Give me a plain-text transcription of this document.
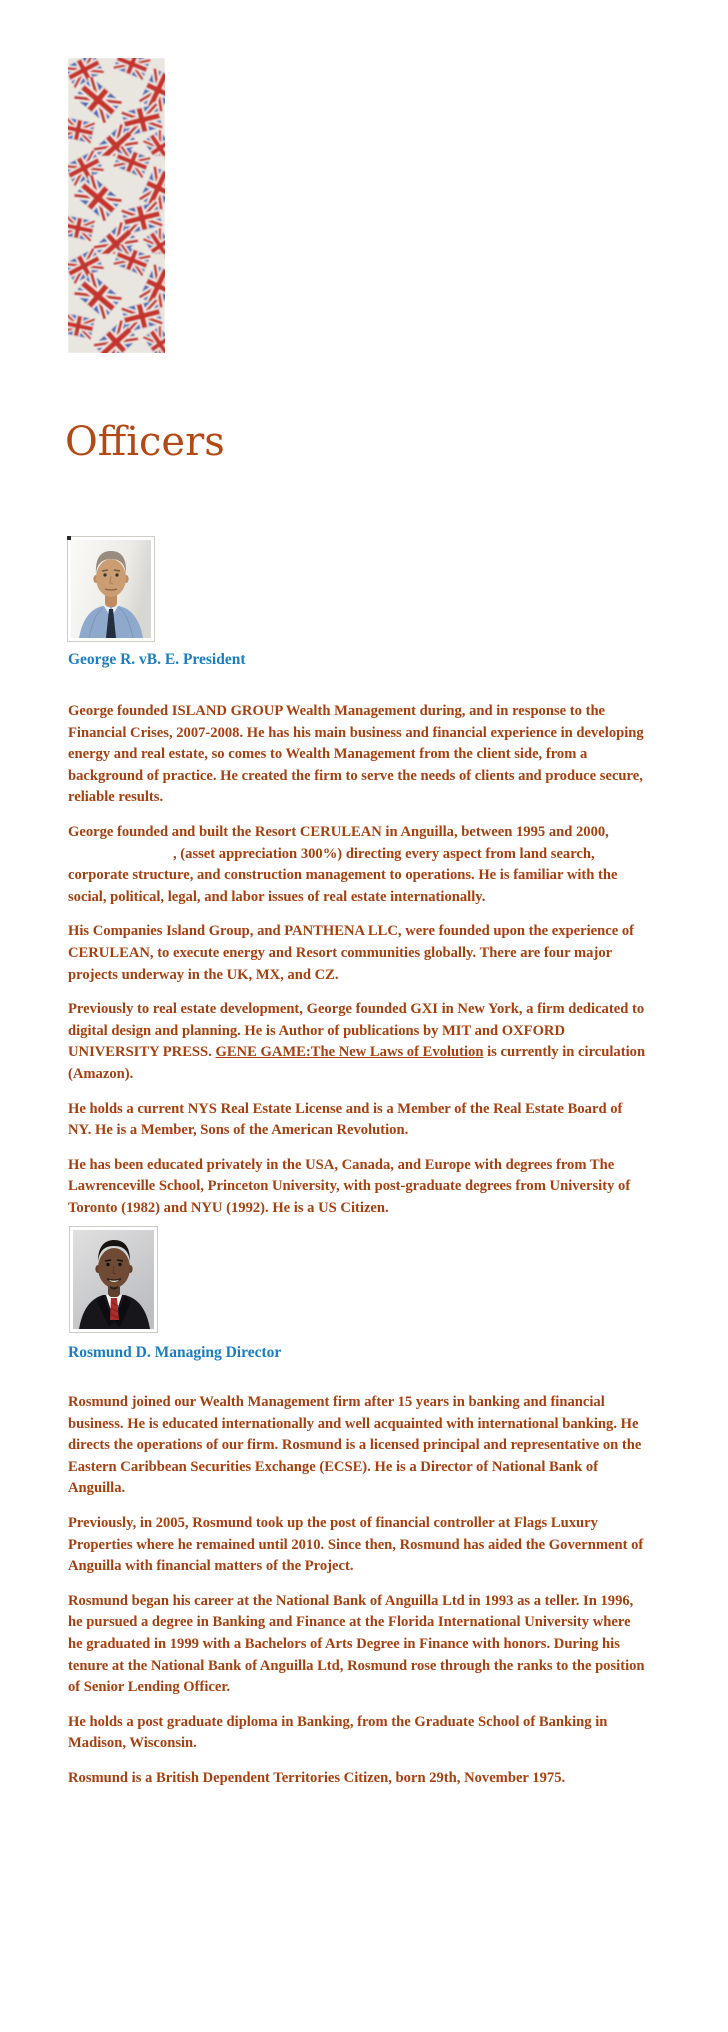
Officers
George R. vB. E. President

George founded ISLAND GROUP Wealth Management during, and in response to the Financial Crises, 2007-2008. He has his main business and financial experience in developing energy and real estate, so comes to Wealth Management from the client side, from a background of practice. He created the firm to serve the needs of clients and produce secure, reliable results.

George founded and built the Resort CERULEAN in Anguilla, between 1995 and 2000, , (asset appreciation 300%) directing every aspect from land search, corporate structure, and construction management to operations. He is familiar with the social, political, legal, and labor issues of real estate internationally.

His Companies Island Group, and PANTHENA LLC, were founded upon the experience of CERULEAN, to execute energy and Resort communities globally. There are four major projects underway in the UK, MX, and CZ.

Previously to real estate development, George founded GXI in New York, a firm dedicated to digital design and planning. He is Author of publications by MIT and OXFORD UNIVERSITY PRESS. GENE GAME:The New Laws of Evolution is currently in circulation (Amazon).

He holds a current NYS Real Estate License and is a Member of the Real Estate Board of NY. He is a Member, Sons of the American Revolution.

He has been educated privately in the USA, Canada, and Europe with degrees from The Lawrenceville School, Princeton University, with post-graduate degrees from University of Toronto (1982) and NYU (1992). He is a US Citizen.

Rosmund D. Managing Director

Rosmund joined our Wealth Management firm after 15 years in banking and financial business. He is educated internationally and well acquainted with international banking. He directs the operations of our firm. Rosmund is a licensed principal and representative on the Eastern Caribbean Securities Exchange (ECSE). He is a Director of National Bank of Anguilla.

Previously, in 2005, Rosmund took up the post of financial controller at Flags Luxury Properties where he remained until 2010. Since then, Rosmund has aided the Government of Anguilla with financial matters of the Project.

Rosmund began his career at the National Bank of Anguilla Ltd in 1993 as a teller. In 1996, he pursued a degree in Banking and Finance at the Florida International University where he graduated in 1999 with a Bachelors of Arts Degree in Finance with honors. During his tenure at the National Bank of Anguilla Ltd, Rosmund rose through the ranks to the position of Senior Lending Officer.

He holds a post graduate diploma in Banking, from the Graduate School of Banking in Madison, Wisconsin.

Rosmund is a British Dependent Territories Citizen, born 29th, November 1975.
